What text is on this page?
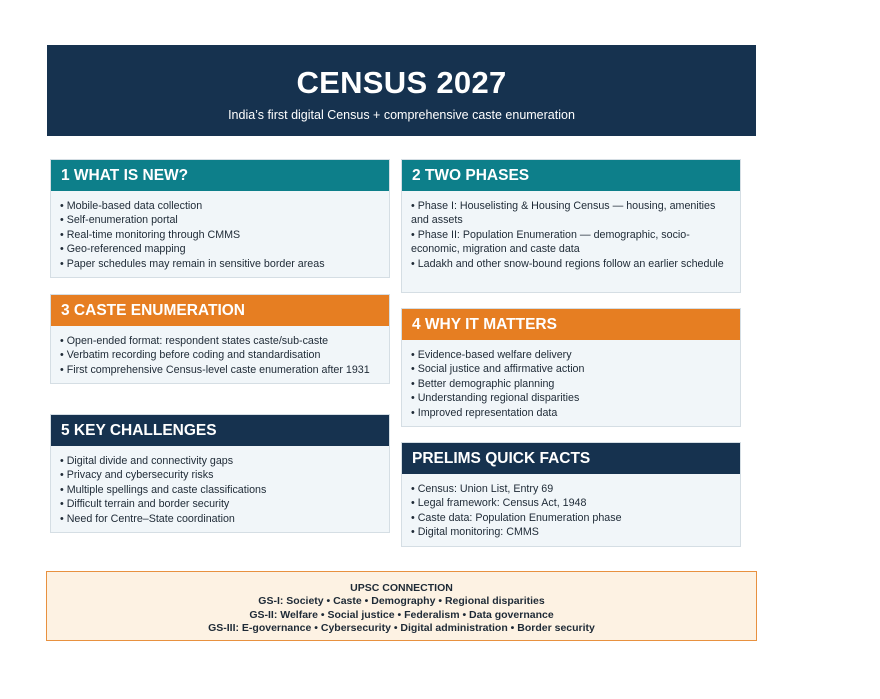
CENSUS 2027
India’s first digital Census + comprehensive caste enumeration
1 WHAT IS NEW?
• Mobile-based data collection
• Self-enumeration portal
• Real-time monitoring through CMMS
• Geo-referenced mapping
• Paper schedules may remain in sensitive border areas
2 TWO PHASES
• Phase I: Houselisting & Housing Census — housing, amenities and assets
• Phase II: Population Enumeration — demographic, socio-economic, migration and caste data
• Ladakh and other snow-bound regions follow an earlier schedule
3 CASTE ENUMERATION
• Open-ended format: respondent states caste/sub-caste
• Verbatim recording before coding and standardisation
• First comprehensive Census-level caste enumeration after 1931
4 WHY IT MATTERS
• Evidence-based welfare delivery
• Social justice and affirmative action
• Better demographic planning
• Understanding regional disparities
• Improved representation data
5 KEY CHALLENGES
• Digital divide and connectivity gaps
• Privacy and cybersecurity risks
• Multiple spellings and caste classifications
• Difficult terrain and border security
• Need for Centre–State coordination
PRELIMS QUICK FACTS
• Census: Union List, Entry 69
• Legal framework: Census Act, 1948
• Caste data: Population Enumeration phase
• Digital monitoring: CMMS
UPSC CONNECTION
GS-I: Society • Caste • Demography • Regional disparities
GS-II: Welfare • Social justice • Federalism • Data governance
GS-III: E-governance • Cybersecurity • Digital administration • Border security
